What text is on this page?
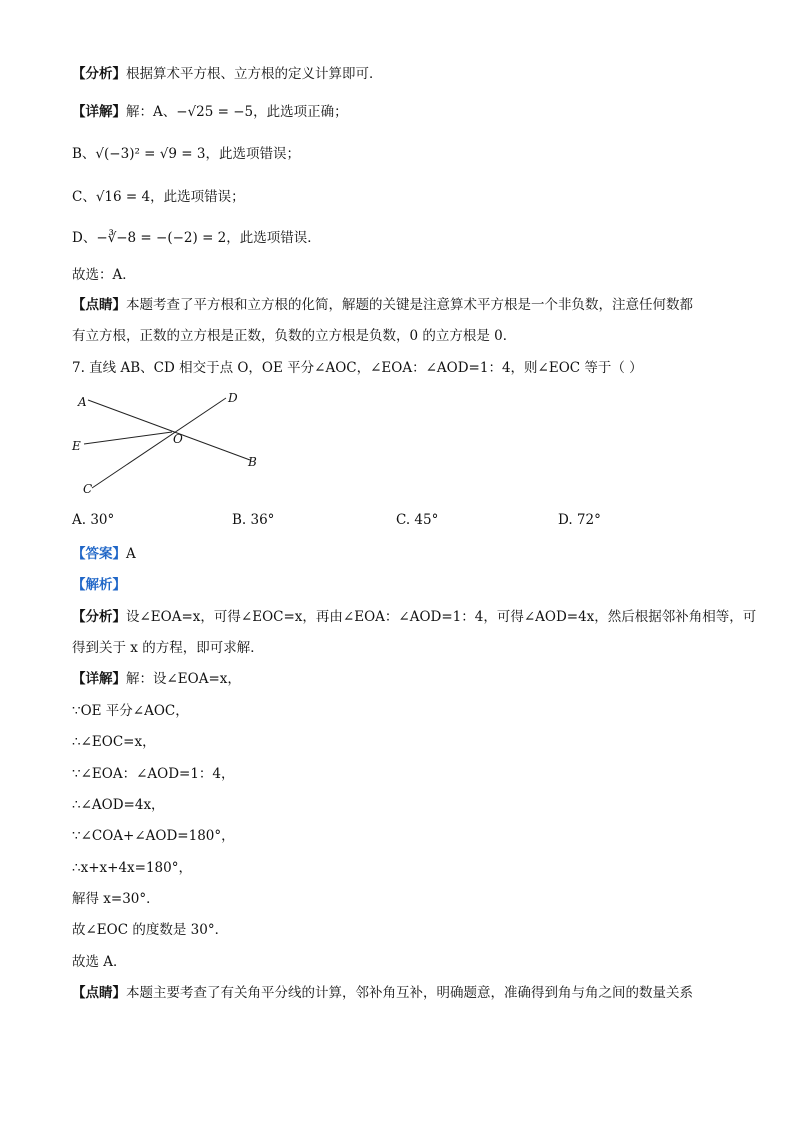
【分析】根据算术平方根、立方根的定义计算即可．
【详解】解：A、−√25 = −5，此选项正确；
B、√(−3)² = √9 = 3，此选项错误；
C、√16 = 4，此选项错误；
D、−∛−8 = −(−2) = 2，此选项错误．
故选：A．
【点睛】本题考查了平方根和立方根的化简，解题的关键是注意算术平方根是一个非负数，注意任何数都
有立方根，正数的立方根是正数，负数的立方根是负数，0 的立方根是 0．
7. 直线 AB、CD 相交于点 O，OE 平分∠AOC，∠EOA：∠AOD=1：4，则∠EOC 等于（ ）
A
B
C
D
E	O
A. 30°	B. 36°	C. 45°	D. 72°
【答案】A
【解析】
【分析】设∠EOA=x，可得∠EOC=x，再由∠EOA：∠AOD=1：4，可得∠AOD=4x，然后根据邻补角相等，可
得到关于 x 的方程，即可求解．
【详解】解：设∠EOA=x，
∵OE 平分∠AOC，
∴∠EOC=x，
∵∠EOA：∠AOD=1：4，
∴∠AOD=4x，
∵∠COA+∠AOD=180°，
∴x+x+4x=180°，
解得 x=30°．
故∠EOC 的度数是 30°．
故选 A．
【点睛】本题主要考查了有关角平分线的计算，邻补角互补，明确题意，准确得到角与角之间的数量关系
